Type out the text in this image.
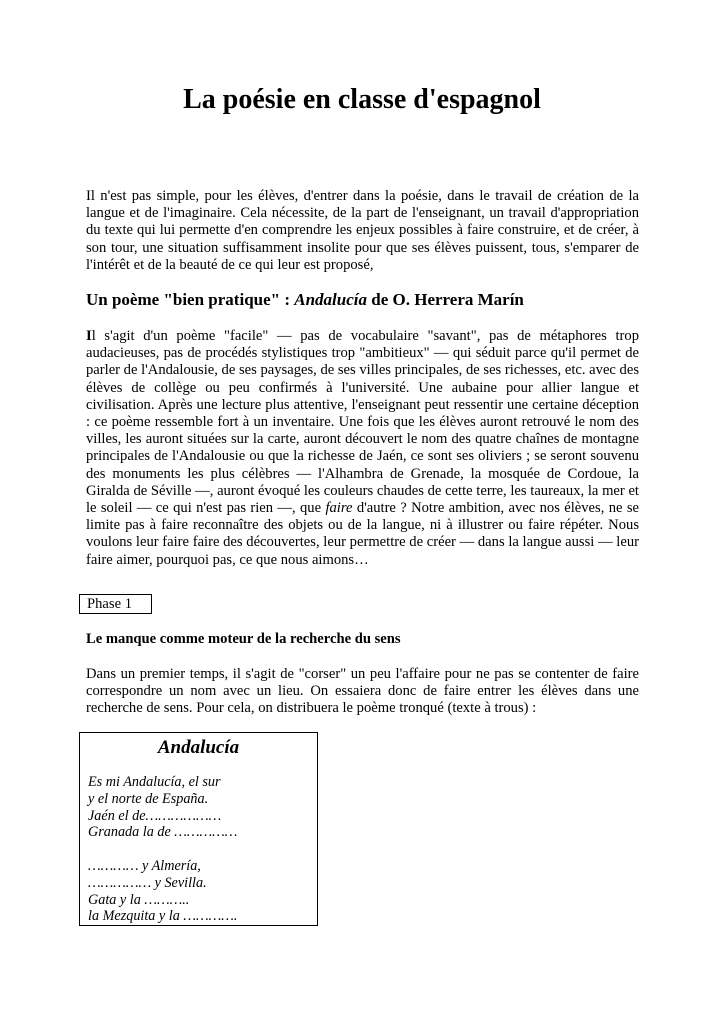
La poésie en classe d'espagnol

Il n'est pas simple, pour les élèves, d'entrer dans la poésie, dans le travail de création de la langue et de l'imaginaire. Cela nécessite, de la part de l'enseignant, un travail d'appropriation du texte qui lui permette d'en comprendre les enjeux possibles à faire construire, et de créer, à son tour, une situation suffisamment insolite pour que ses élèves puissent, tous, s'emparer de l'intérêt et de la beauté de ce qui leur est proposé,

Un poème "bien pratique" : Andalucía de O. Herrera Marín

Il s'agit d'un poème "facile" — pas de vocabulaire "savant", pas de métaphores trop audacieuses, pas de procédés stylistiques trop "ambitieux" — qui séduit parce qu'il permet de parler de l'Andalousie, de ses paysages, de ses villes principales, de ses richesses, etc. avec des élèves de collège ou peu confirmés à l'université. Une aubaine pour allier langue et civilisation. Après une lecture plus attentive, l'enseignant peut ressentir une certaine déception : ce poème ressemble fort à un inventaire. Une fois que les élèves auront retrouvé le nom des villes, les auront situées sur la carte, auront découvert le nom des quatre chaînes de montagne principales de l'Andalousie ou que la richesse de Jaén, ce sont ses oliviers ; se seront souvenu des monuments les plus célèbres — l'Alhambra de Grenade, la mosquée de Cordoue, la Giralda de Séville —, auront évoqué les couleurs chaudes de cette terre, les taureaux, la mer et le soleil — ce qui n'est pas rien —, que faire d'autre ? Notre ambition, avec nos élèves, ne se limite pas à faire reconnaître des objets ou de la langue, ni à illustrer ou faire répéter. Nous voulons leur faire faire des découvertes, leur permettre de créer — dans la langue aussi — leur faire aimer, pourquoi pas, ce que nous aimons…

Phase 1
Le manque comme moteur de la recherche du sens

Dans un premier temps, il s'agit de "corser" un peu l'affaire pour ne pas se contenter de faire correspondre un nom avec un lieu. On essaiera donc de faire entrer les élèves dans une recherche de sens. Pour cela, on distribuera le poème tronqué (texte à trous) :

Andalucía
Es mi Andalucía, el sur
y el norte de España.
Jaén el de………………
Granada la de ……………
………… y Almería,
…………… y Sevilla.
Gata y la ………..
la Mezquita y la ………….
